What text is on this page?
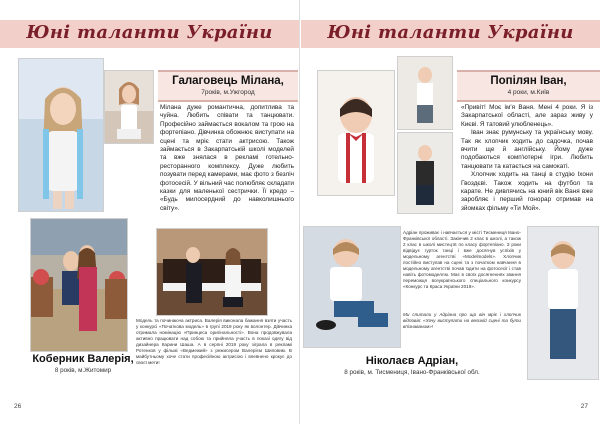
Юні таланти України
Галаговець Мілана,
7років, м.Ужгород
Мілана дуже романтична, допитлива та чуйна. Любить співати та танцювати. Професійно займається вокалом та грою на фортепіано. Дівчинка обожнює виступати на сцені та мріє стати актрисою. Також займається в Закарпатській школі моделей та вже знялася в рекламі готельно-ресторанного комплексу. Дуже любить позувати перед камерами, має фото з безліч фотосесій. У вільний час полюбляє складати казки для маленької сестрички. Її кредо – «Будь милосердний до навколишнього світу».
Модель та починаюча актриса. Валерія виконала бажання взяти участь у конкурсі «Початкова модель» в групі 2019 року як волонтер. Дівчинка отримала номінацію «Принцеса оригінальності». Вона продовжувала активно працювати над собою та прийняла участь в показі одягу від дизайнера Карини Шаша. А в серпні 2019 року зіграла в рекламі Ротенков у фільмі «Ведмежий» з режисером Валерієм Шиповим. В майбутньому хоче стати професійною актрисою і впевнено крокує до своєї мети!
Коберник Валерія,
8 років, м.Житомир
26
Юні таланти України
Попілян Іван,
4 роки, м.Київ
«Привіт! Моє ім'я Ваня. Мені 4 роки. Я із Закарпатської області, але зараз живу у Києві. Я татовий улюбленець».
Іван знає румунську та українську мову. Так як хлопчик ходить до садочка, почав вчити ще й англійську. Йому дуже подобаються комп'ютерні ігри. Любить танцювати та катається на самокаті.
Хлопчик ходить на танці в студію Іхони Гвоздєві. Також ходить на футбол та карате. Не дивлячись на юний вік Ваня вже заробляє і перший гонорар отримав на зйомках фільму «Ти Мой».
Адріан проживає і навчається у місті Тисмениця Івано-Франківської області. Закінчив 2 клас в школі, а також 2 клас в школі мистецтв по класу фортепіано. З роки відвідує гурток танці і вже досягнув успіхів у модельному агентстві «Modelmodels». Хлопчик постійно виступав на сцені та з початком навчання в модельному агентстві почав їздити на фотосесії і став навіть фотомоделлю. Має в своїх досягненнях звання переможця всеукраїнського спеціального конкурсу «Конкурс та Краса України 2019».
Ми спитали у Адріана про що він мріє і хлопчик відповів: «Хочу виступати на великій сцені та бути впізнаваним»!
Ніколаєв Адріан,
8 років, м. Тисмениця, Івано-Франківської обл.
27
